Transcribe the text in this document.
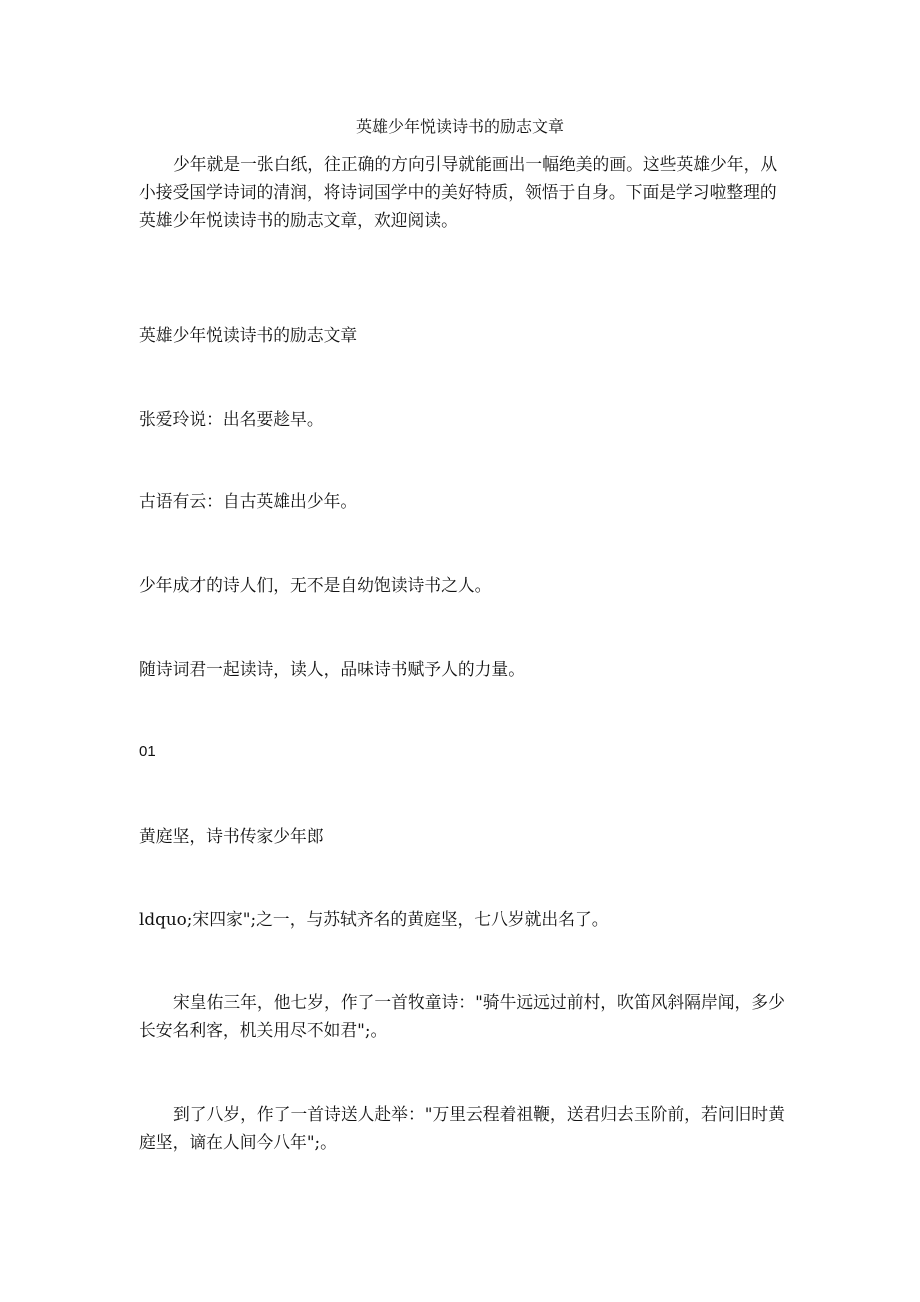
英雄少年悦读诗书的励志文章
少年就是一张白纸，往正确的方向引导就能画出一幅绝美的画。这些英雄少年，从小接受国学诗词的清润，将诗词国学中的美好特质，领悟于自身。下面是学习啦整理的英雄少年悦读诗书的励志文章，欢迎阅读。
英雄少年悦读诗书的励志文章
张爱玲说：出名要趁早。
古语有云：自古英雄出少年。
少年成才的诗人们，无不是自幼饱读诗书之人。
随诗词君一起读诗，读人，品味诗书赋予人的力量。
01
黄庭坚，诗书传家少年郎
ldquo;宋四家";之一，与苏轼齐名的黄庭坚，七八岁就出名了。
宋皇佑三年，他七岁，作了一首牧童诗："骑牛远远过前村，吹笛风斜隔岸闻，多少长安名利客，机关用尽不如君";。
到了八岁，作了一首诗送人赴举："万里云程着祖鞭，送君归去玉阶前，若问旧时黄庭坚，谪在人间今八年";。
